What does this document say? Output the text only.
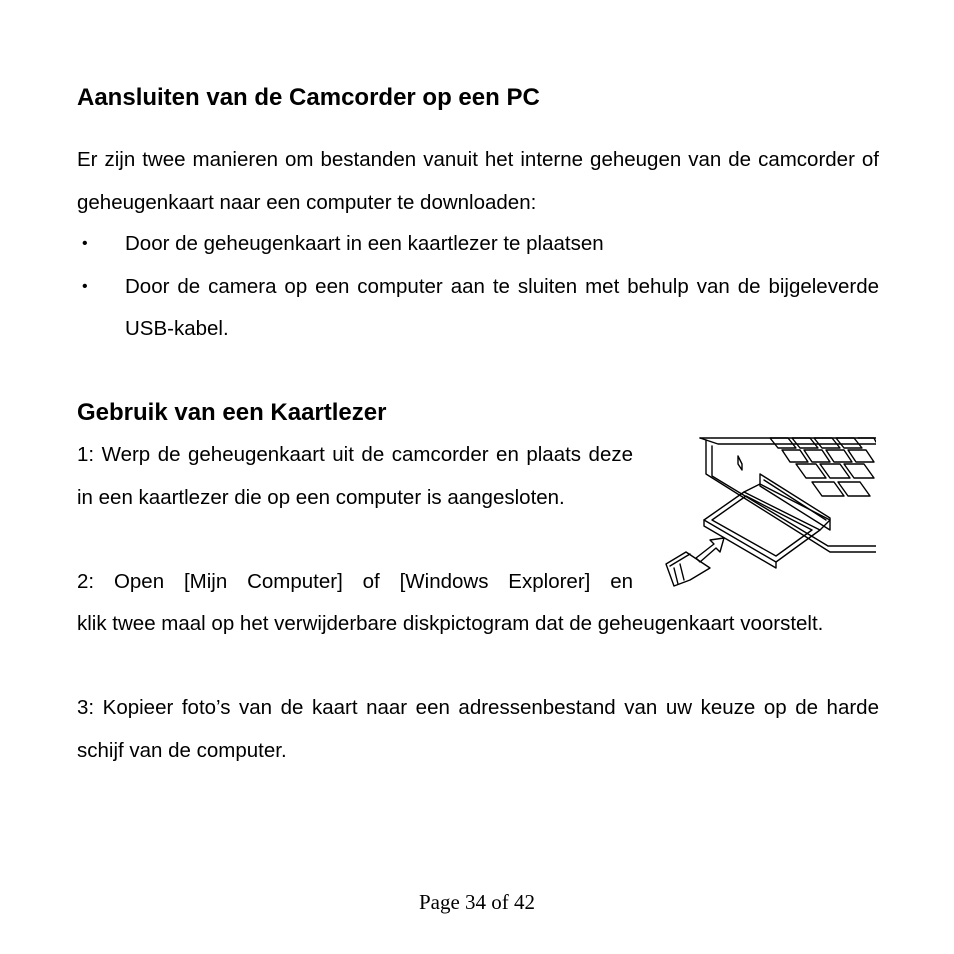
Aansluiten van de Camcorder op een PC

Er zijn twee manieren om bestanden vanuit het interne geheugen van de camcorder of geheugenkaart naar een computer te downloaden:

• Door de geheugenkaart in een kaartlezer te plaatsen
• Door de camera op een computer aan te sluiten met behulp van de bijgeleverde USB-kabel.
Gebruik van een Kaartlezer

1: Werp de geheugenkaart uit de camcorder en plaats deze in een kaartlezer die op een computer is aangesloten.

2: Open [Mijn Computer] of [Windows Explorer] en

klik twee maal op het verwijderbare diskpictogram dat de geheugenkaart voorstelt.

3: Kopieer foto’s van de kaart naar een adressenbestand van uw keuze op de harde schijf van de computer.

Page 34 of 42
